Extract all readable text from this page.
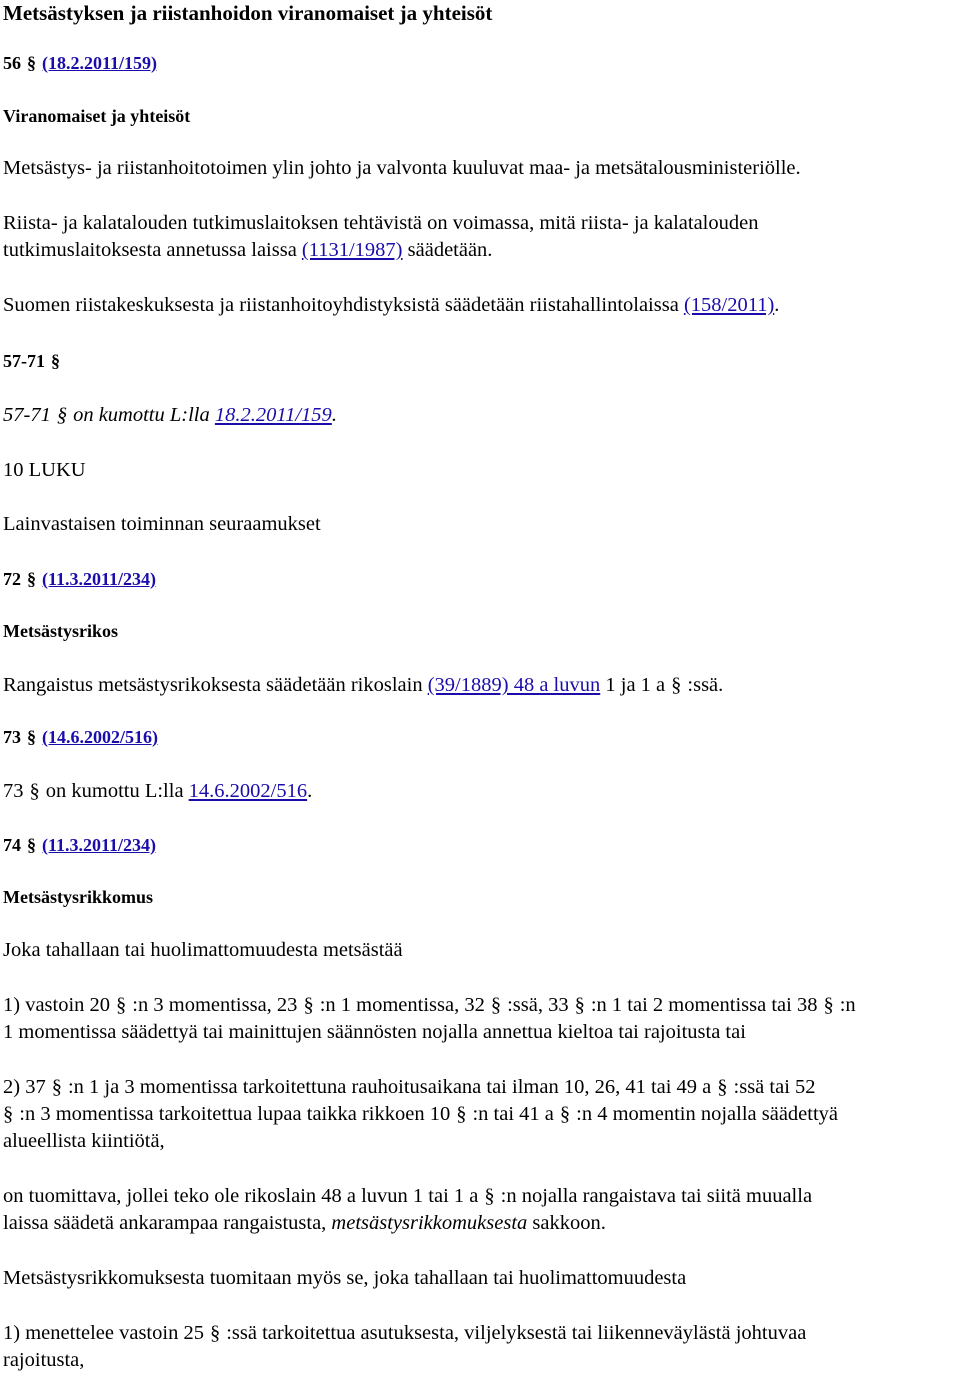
Metsästyksen ja riistanhoidon viranomaiset ja yhteisöt
56 § (18.2.2011/159)
Viranomaiset ja yhteisöt
Metsästys- ja riistanhoitotoimen ylin johto ja valvonta kuuluvat maa- ja metsätalousministeriölle.
Riista- ja kalatalouden tutkimuslaitoksen tehtävistä on voimassa, mitä riista- ja kalatalouden
tutkimuslaitoksesta annetussa laissa (1131/1987) säädetään.
Suomen riistakeskuksesta ja riistanhoitoyhdistyksistä säädetään riistahallintolaissa (158/2011).
57-71 §
57-71 § on kumottu L:lla 18.2.2011/159.
10 LUKU
Lainvastaisen toiminnan seuraamukset
72 § (11.3.2011/234)
Metsästysrikos
Rangaistus metsästysrikoksesta säädetään rikoslain (39/1889) 48 a luvun 1 ja 1 a § :ssä.
73 § (14.6.2002/516)
73 § on kumottu L:lla 14.6.2002/516.
74 § (11.3.2011/234)
Metsästysrikkomus
Joka tahallaan tai huolimattomuudesta metsästää
1) vastoin 20 § :n 3 momentissa, 23 § :n 1 momentissa, 32 § :ssä, 33 § :n 1 tai 2 momentissa tai 38 § :n
1 momentissa säädettyä tai mainittujen säännösten nojalla annettua kieltoa tai rajoitusta tai
2) 37 § :n 1 ja 3 momentissa tarkoitettuna rauhoitusaikana tai ilman 10, 26, 41 tai 49 a § :ssä tai 52
§ :n 3 momentissa tarkoitettua lupaa taikka rikkoen 10 § :n tai 41 a § :n 4 momentin nojalla säädettyä
alueellista kiintiötä,
on tuomittava, jollei teko ole rikoslain 48 a luvun 1 tai 1 a § :n nojalla rangaistava tai siitä muualla
laissa säädetä ankarampaa rangaistusta, metsästysrikkomuksesta sakkoon.
Metsästysrikkomuksesta tuomitaan myös se, joka tahallaan tai huolimattomuudesta
1) menettelee vastoin 25 § :ssä tarkoitettua asutuksesta, viljelyksestä tai liikenneväylästä johtuvaa
rajoitusta,
